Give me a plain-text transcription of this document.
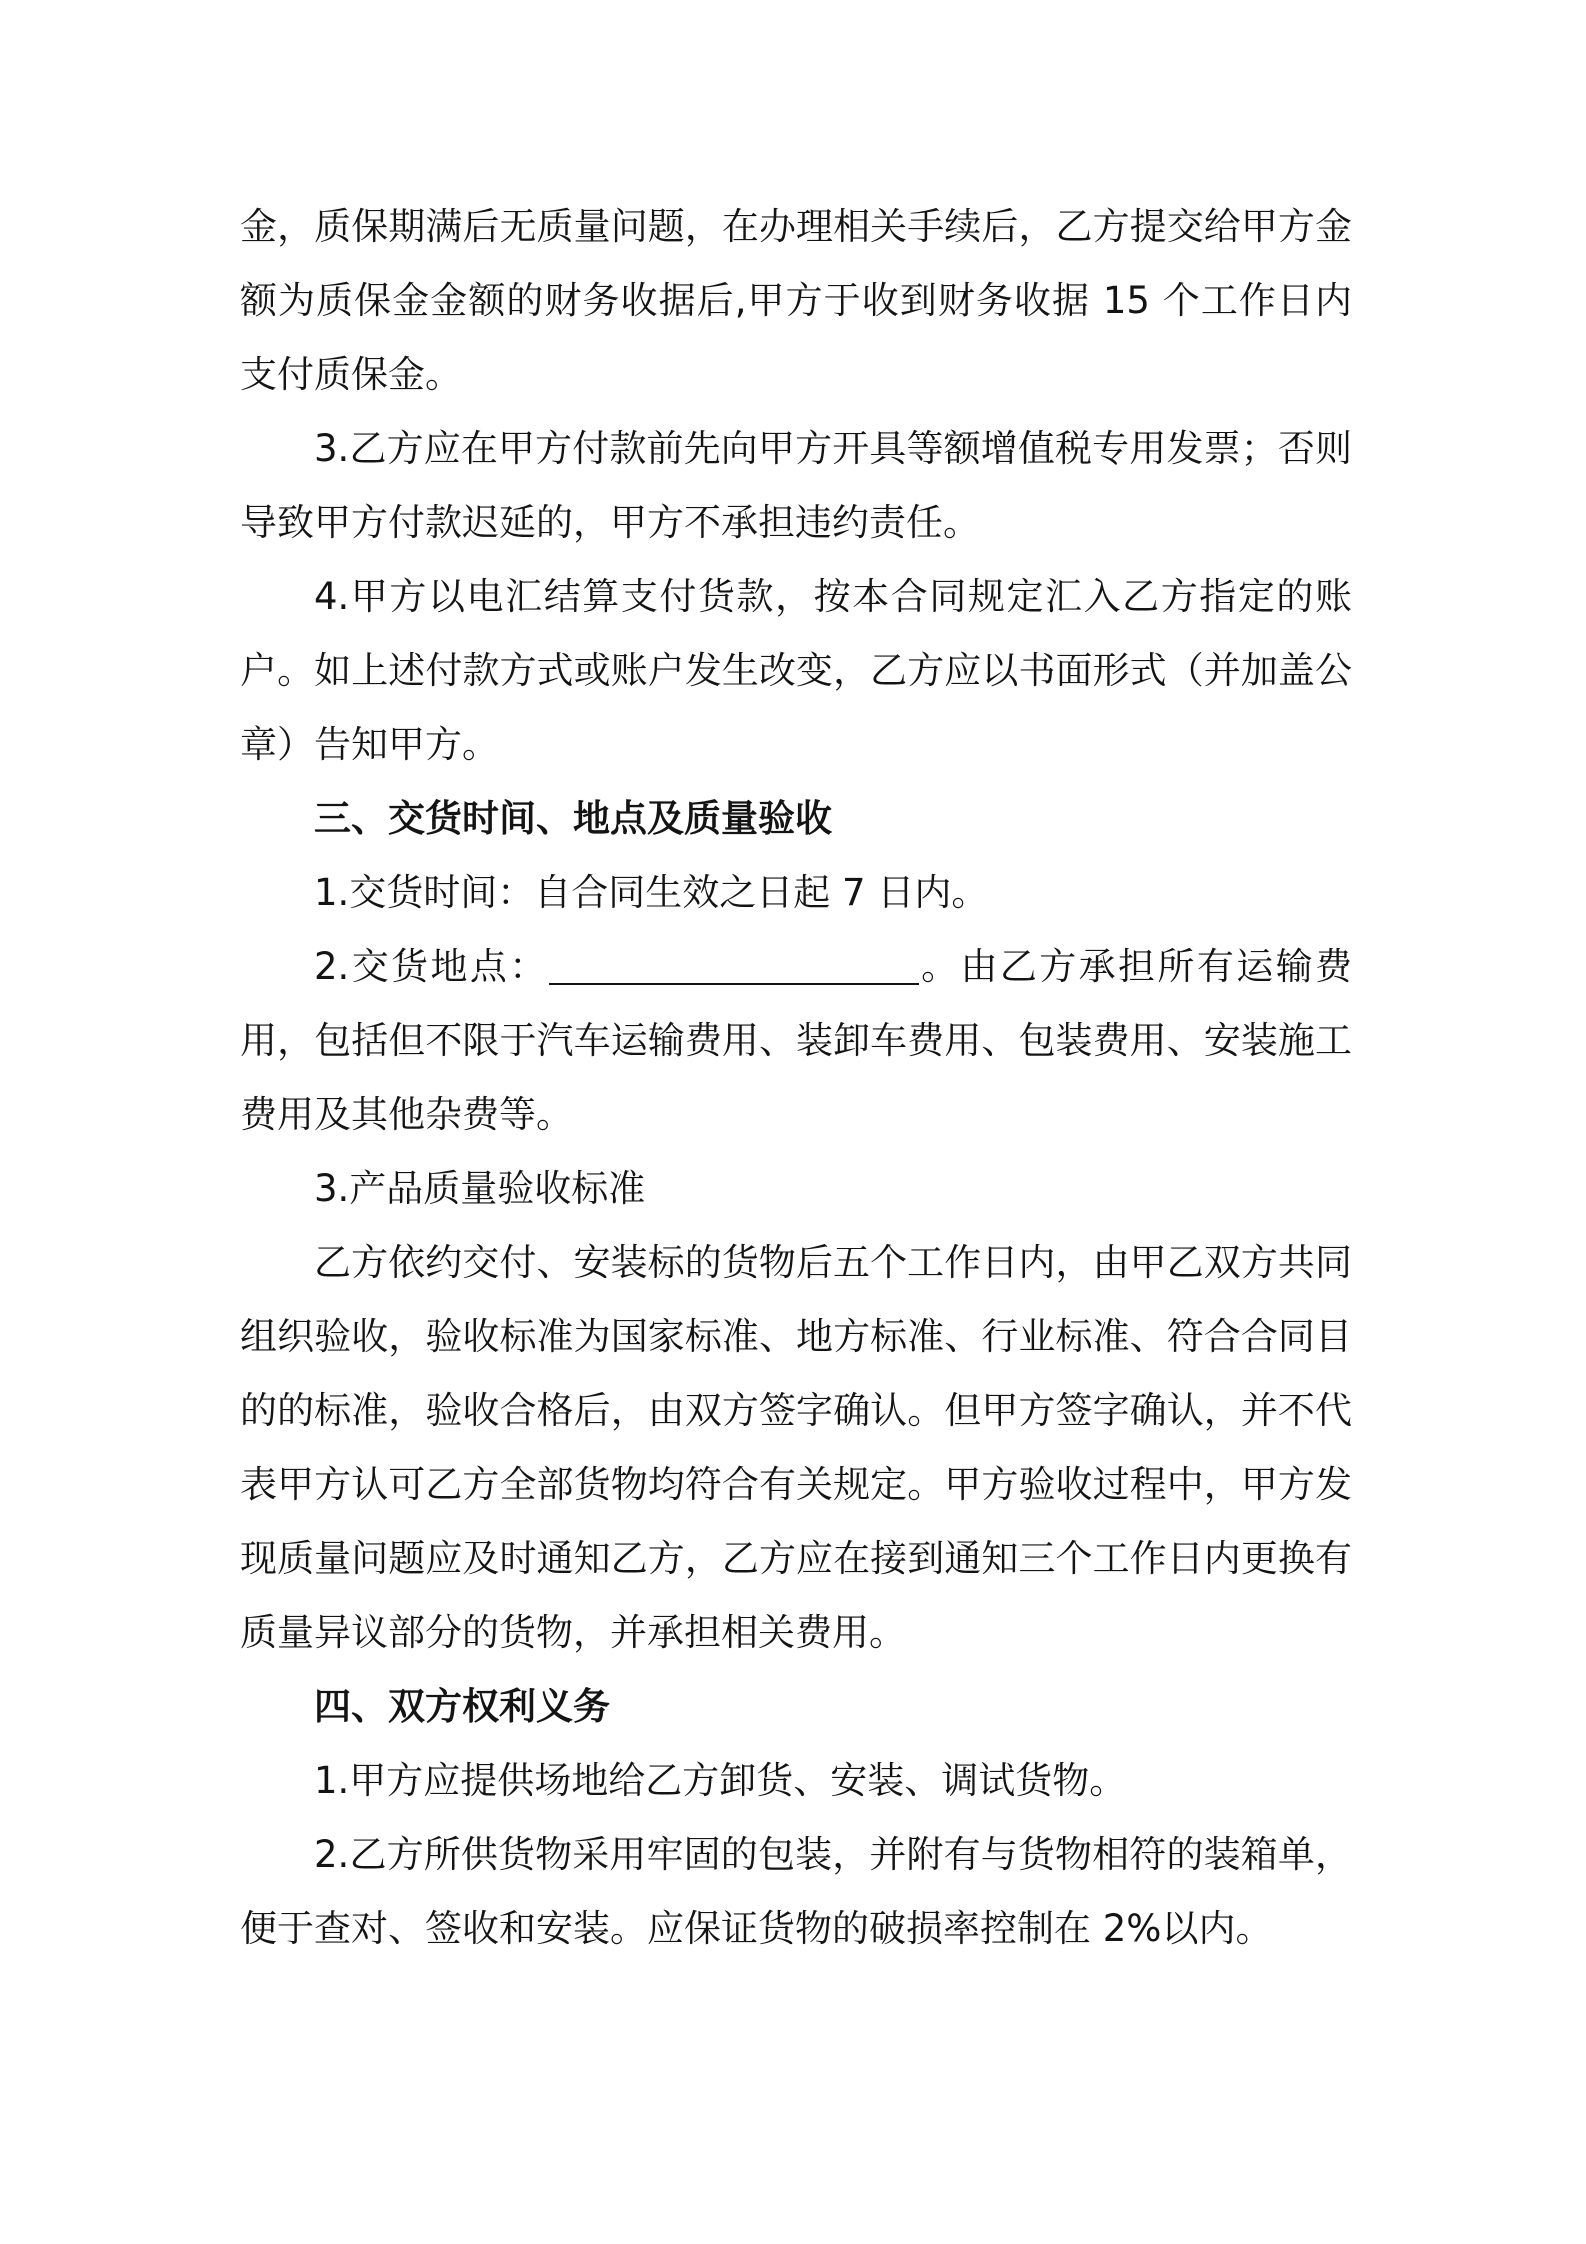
金，质保期满后无质量问题，在办理相关手续后，乙方提交给甲方金额为质保金金额的财务收据后,甲方于收到财务收据 15 个工作日内支付质保金。

3.乙方应在甲方付款前先向甲方开具等额增值税专用发票；否则导致甲方付款迟延的，甲方不承担违约责任。

4.甲方以电汇结算支付货款，按本合同规定汇入乙方指定的账户。如上述付款方式或账户发生改变，乙方应以书面形式（并加盖公章）告知甲方。

三、交货时间、地点及质量验收

1.交货时间：自合同生效之日起 7 日内。

2.交货地点：	。由乙方承担所有运输费用，包括但不限于汽车运输费用、装卸车费用、包装费用、安装施工费用及其他杂费等。

3.产品质量验收标准

乙方依约交付、安装标的货物后五个工作日内，由甲乙双方共同组织验收，验收标准为国家标准、地方标准、行业标准、符合合同目的的标准，验收合格后，由双方签字确认。但甲方签字确认，并不代表甲方认可乙方全部货物均符合有关规定。甲方验收过程中，甲方发现质量问题应及时通知乙方，乙方应在接到通知三个工作日内更换有质量异议部分的货物，并承担相关费用。

四、双方权利义务

1.甲方应提供场地给乙方卸货、安装、调试货物。

2.乙方所供货物采用牢固的包装，并附有与货物相符的装箱单，便于查对、签收和安装。应保证货物的破损率控制在 2%以内。
